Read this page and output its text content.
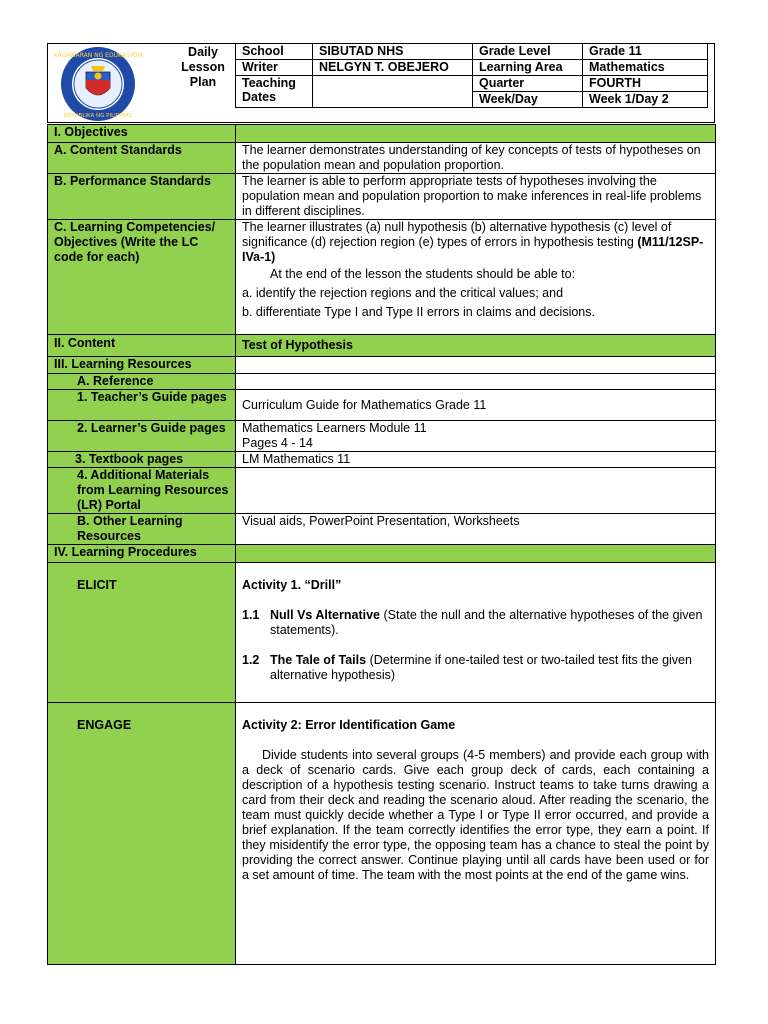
KAGAWARAN NG EDUKASYON
REPUBLIKA NG PILIPINAS
Daily
Lesson
Plan
School	SIBUTAD NHS	Grade Level	Grade 11
Writer	NELGYN T. OBEJERO	Learning Area	Mathematics
Teaching Dates		Quarter	FOURTH
		Week/Day	Week 1/Day 2
I. Objectives	
A. Content Standards	The learner demonstrates understanding of key concepts of tests of hypotheses on the population mean and population proportion.
B. Performance Standards	The learner is able to perform appropriate tests of hypotheses involving the population mean and population proportion to make inferences in real-life problems in different disciplines.
C. Learning Competencies/ Objectives (Write the LC code for each)	The learner illustrates (a) null hypothesis (b) alternative hypothesis (c) level of significance (d) rejection region (e) types of errors in hypothesis testing (M11/12SP-IVa-1)
At the end of the lesson the students should be able to:
a. identify the rejection regions and the critical values; and
b. differentiate Type I and Type II errors in claims and decisions.

II. Content	Test of Hypothesis
III. Learning Resources	
A. Reference	
1. Teacher’s Guide pages	Curriculum Guide for Mathematics Grade 11
2. Learner’s Guide pages	Mathematics Learners Module 11
Pages 4 - 14

3. Textbook pages	LM Mathematics 11
4. Additional Materials from Learning Resources (LR) Portal	
B. Other Learning Resources	Visual aids, PowerPoint Presentation, Worksheets
IV. Learning Procedures	
ELICIT	Activity 1. “Drill”
1.1 Null Vs Alternative (State the null and the alternative hypotheses of the given statements).
1.2 The Tale of Tails (Determine if one-tailed test or two-tailed test fits the given alternative hypothesis)

ENGAGE	Activity 2: Error Identification Game
Divide students into several groups (4-5 members) and provide each group with a deck of scenario cards. Give each group deck of cards, each containing a description of a hypothesis testing scenario. Instruct teams to take turns drawing a card from their deck and reading the scenario aloud. After reading the scenario, the team must quickly decide whether a Type I or Type II error occurred, and provide a brief explanation. If the team correctly identifies the error type, they earn a point. If they misidentify the error type, the opposing team has a chance to steal the point by providing the correct answer. Continue playing until all cards have been used or for a set amount of time. The team with the most points at the end of the game wins.
